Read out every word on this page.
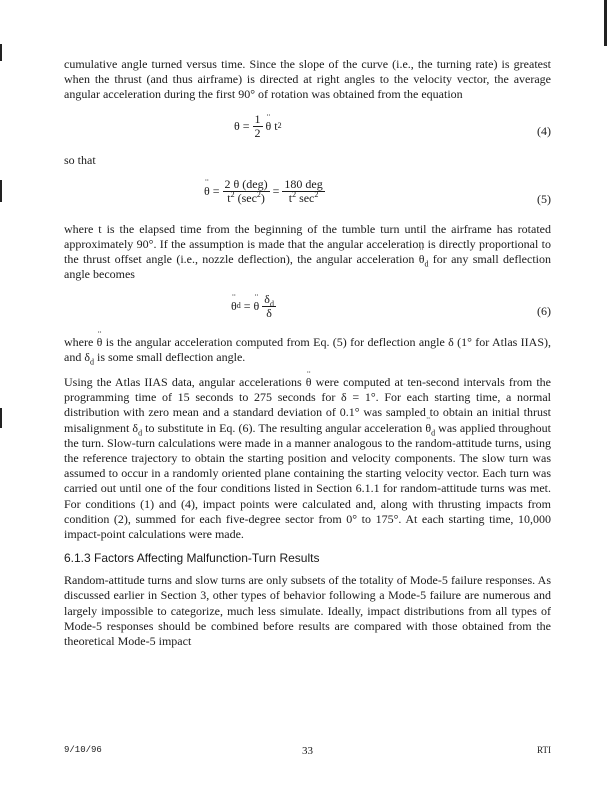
cumulative angle turned versus time. Since the slope of the curve (i.e., the turning rate) is greatest when the thrust (and thus airframe) is directed at right angles to the velocity vector, the average angular acceleration during the first 90° of rotation was obtained from the equation

θ
= $\frac{1}{2}$ ¨ θ
t 2	(4)

so that

¨ θ
= $\frac{\text{2 θ (deg)}}{t^2 (\sec^2)} = \frac{\text{180 deg}}{t^2 \sec^2}$	(5)

where t is the elapsed time from the beginning of the tumble turn until the airframe has rotated approximately 90°. If the assumption is made that the angular acceleration is directly proportional to the thrust offset angle (i.e., nozzle deflection), the angular acceleration ¨ $\theta_d$ for any small deflection angle becomes

¨ θ d
=
¨ θ $\frac{\delta_d}{\delta}$	(6)

where ¨ θ is the angular acceleration computed from Eq. (5) for deflection angle δ (1° for Atlas IIAS), and $\delta_d$ is some small deflection angle.

Using the Atlas IIAS data, angular accelerations ¨ θ were computed at ten-second intervals from the programming time of 15 seconds to 275 seconds for δ = 1°. For each starting time, a normal distribution with zero mean and a standard deviation of 0.1° was sampled to obtain an initial thrust misalignment $\delta_d$ to substitute in Eq. (6). The resulting angular acceleration ¨ $\theta_d$ was applied throughout the turn. Slow-turn calculations were made in a manner analogous to the random-attitude turns, using the reference trajectory to obtain the starting position and velocity components. The slow turn was assumed to occur in a randomly oriented plane containing the starting velocity vector. Each turn was carried out until one of the four conditions listed in Section 6.1.1 for random-attitude turns was met. For conditions (1) and (4), impact points were calculated and, along with thrusting impacts from condition (2), summed for each five-degree sector from 0° to 175°. At each starting time, 10,000 impact-point calculations were made.

6.1.3 Factors Affecting Malfunction-Turn Results

Random-attitude turns and slow turns are only subsets of the totality of Mode-5 failure responses. As discussed earlier in Section 3, other types of behavior following a Mode-5 failure are numerous and largely impossible to categorize, much less simulate. Ideally, impact distributions from all types of Mode-5 responses should be combined before results are compared with those obtained from the theoretical Mode-5 impact

9/10/96	33	RTI
